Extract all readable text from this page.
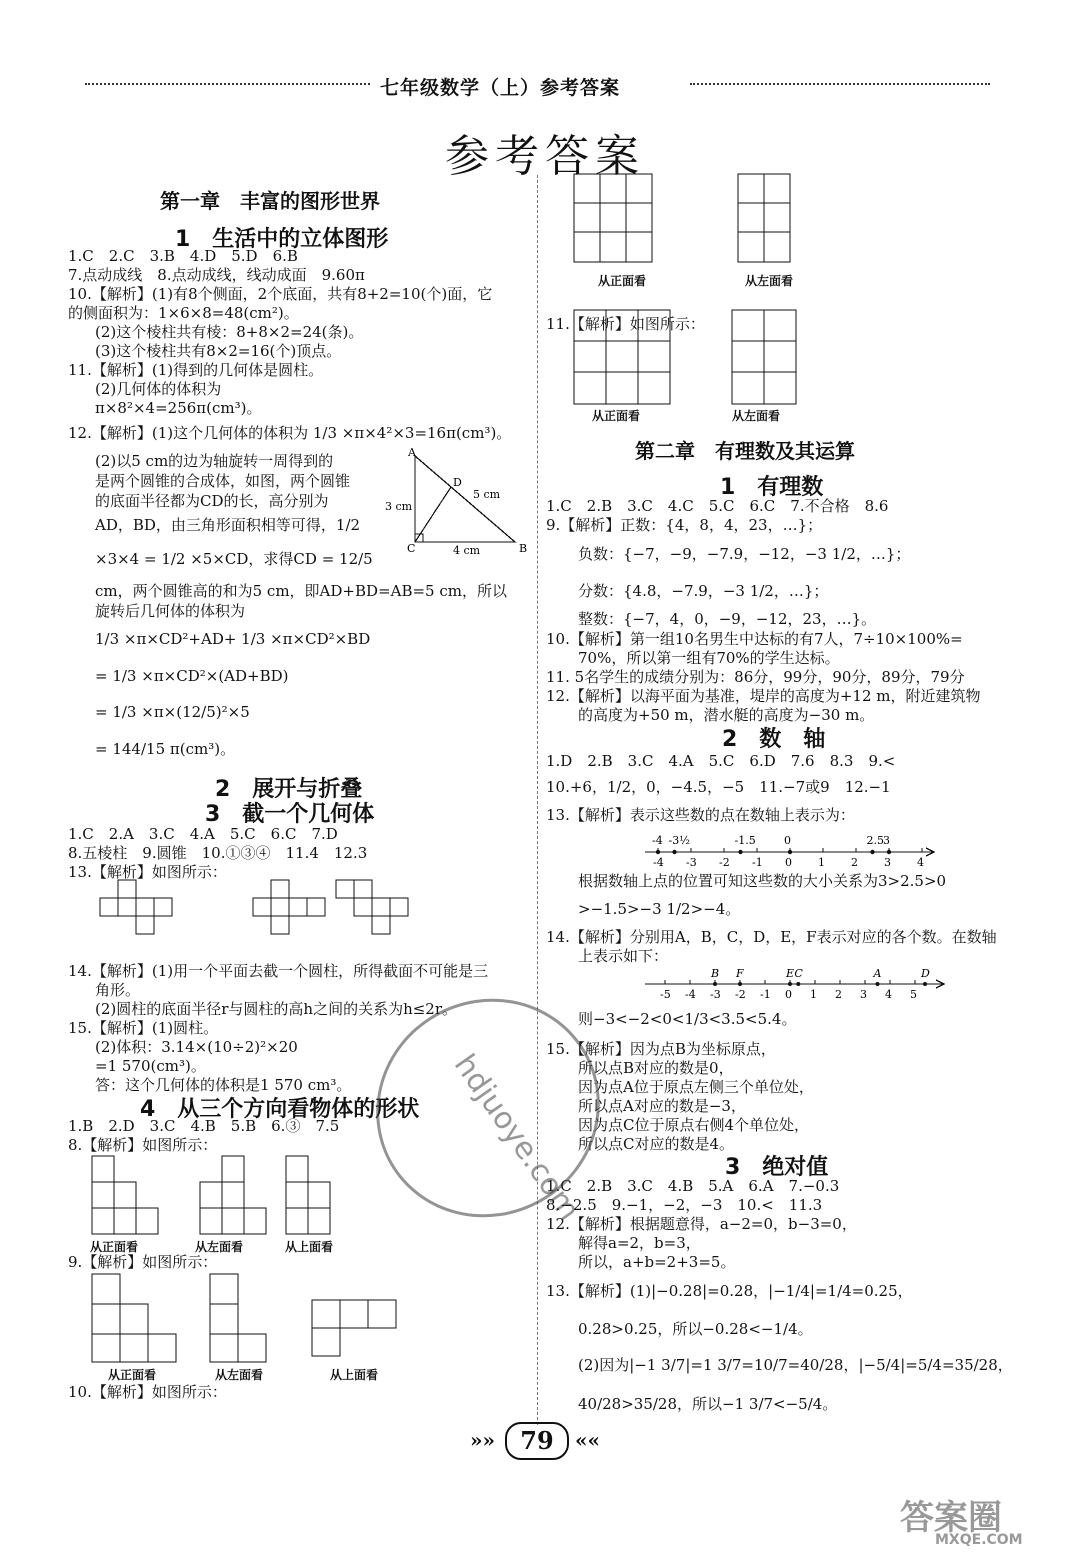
七年级数学（上）参考答案
参考答案
第一章　丰富的图形世界
1　生活中的立体图形
1.C　2.C　3.B　4.D　5.D　6.B
7.点动成线　8.点动成线，线动成面　9.60π
10.【解析】(1)有8个侧面，2个底面，共有8+2=10(个)面，它
的侧面积为：1×6×8=48(cm²)。
(2)这个棱柱共有棱：8+8×2=24(条)。
(3)这个棱柱共有8×2=16(个)顶点。
11.【解析】(1)得到的几何体是圆柱。
(2)几何体的体积为
π×8²×4=256π(cm³)。
12.【解析】(1)这个几何体的体积为 1/3 ×π×4²×3=16π(cm³)。
(2)以5 cm的边为轴旋转一周得到的
是两个圆锥的合成体，如图，两个圆锥
的底面半径都为CD的长，高分别为
AD，BD，由三角形面积相等可得，1/2
×3×4 = 1/2 ×5×CD，求得CD = 12/5
cm，两个圆锥高的和为5 cm，即AD+BD=AB=5 cm，所以
旋转后几何体的体积为
1/3 ×π×CD²+AD+ 1/3 ×π×CD²×BD
= 1/3 ×π×CD²×(AD+BD)
= 1/3 ×π×(12/5)²×5
= 144/15 π(cm³)。
A
D
C	B
3 cm
4 cm
5 cm
2　展开与折叠
3　截一个几何体
1.C　2.A　3.C　4.A　5.C　6.C　7.D
8.五棱柱　9.圆锥　10.①③④　11.4　12.3
13.【解析】如图所示：
14.【解析】(1)用一个平面去截一个圆柱，所得截面不可能是三
角形。
(2)圆柱的底面半径r与圆柱的高h之间的关系为h≤2r。
15.【解析】(1)圆柱。
(2)体积：3.14×(10÷2)²×20
=1 570(cm³)。
答：这个几何体的体积是1 570 cm³。
4　从三个方向看物体的形状
1.B　2.D　3.C　4.B　5.B　6.③　7.5
8.【解析】如图所示：
从正面看	从左面看	从上面看
9.【解析】如图所示：
从正面看	从左面看	从上面看
10.【解析】如图所示：
从正面看	从左面看
11.【解析】如图所示：
从正面看	从左面看
第二章　有理数及其运算
1　有理数
1.C　2.B　3.C　4.C　5.C　6.C　7.不合格　8.6
9.【解析】正数：{4，8，4，23，…}；
负数：{−7，−9，−7.9，−12，−3 1/2，…}；
分数：{4.8，−7.9，−3 1/2，…}；
整数：{−7，4，0，−9，−12，23，…}。
10.【解析】第一组10名男生中达标的有7人，7÷10×100%=
70%，所以第一组有70%的学生达标。
11. 5名学生的成绩分别为：86分，99分，90分，89分，79分
12.【解析】以海平面为基准，堤岸的高度为+12 m，附近建筑物
的高度为+50 m，潜水艇的高度为−30 m。
2　数　轴
1.D　2.B　3.C　4.A　5.C　6.D　7.6　8.3　9.<
10.+6，1/2，0，−4.5，−5　11.−7或9　12.−1
13.【解析】表示这些数的点在数轴上表示为：
-4 -3 -2 -1 0 1 2 3 4
-4 -3½	-1.5	0	2.5 3
根据数轴上点的位置可知这些数的大小关系为3>2.5>0
>−1.5>−3 1/2>−4。
14.【解析】分别用A，B，C，D，E，F表示对应的各个数。在数轴
上表示如下：
-5 -4 -3 -2 -1 0 1 2 3 4 5
B F	E C	A	D
则−3<−2<0<1/3<3.5<5.4。
15.【解析】因为点B为坐标原点，
所以点B对应的数是0，
因为点A位于原点左侧三个单位处，
所以点A对应的数是−3，
因为点C位于原点右侧4个单位处，
所以点C对应的数是4。
3　绝对值
1.C　2.B　3.C　4.B　5.A　6.A　7.−0.3
8.−2.5　9.−1，−2，−3　10.<　11.3
12.【解析】根据题意得，a−2=0，b−3=0，
解得a=2，b=3，
所以，a+b=2+3=5。
13.【解析】(1)|−0.28|=0.28，|−1/4|=1/4=0.25，
0.28>0.25，所以−0.28<−1/4。
(2)因为|−1 3/7|=1 3/7=10/7=40/28，|−5/4|=5/4=35/28，
40/28>35/28，所以−1 3/7<−5/4。
»»	79	««
hdjuoye.com
答案圈
MXQE.COM
